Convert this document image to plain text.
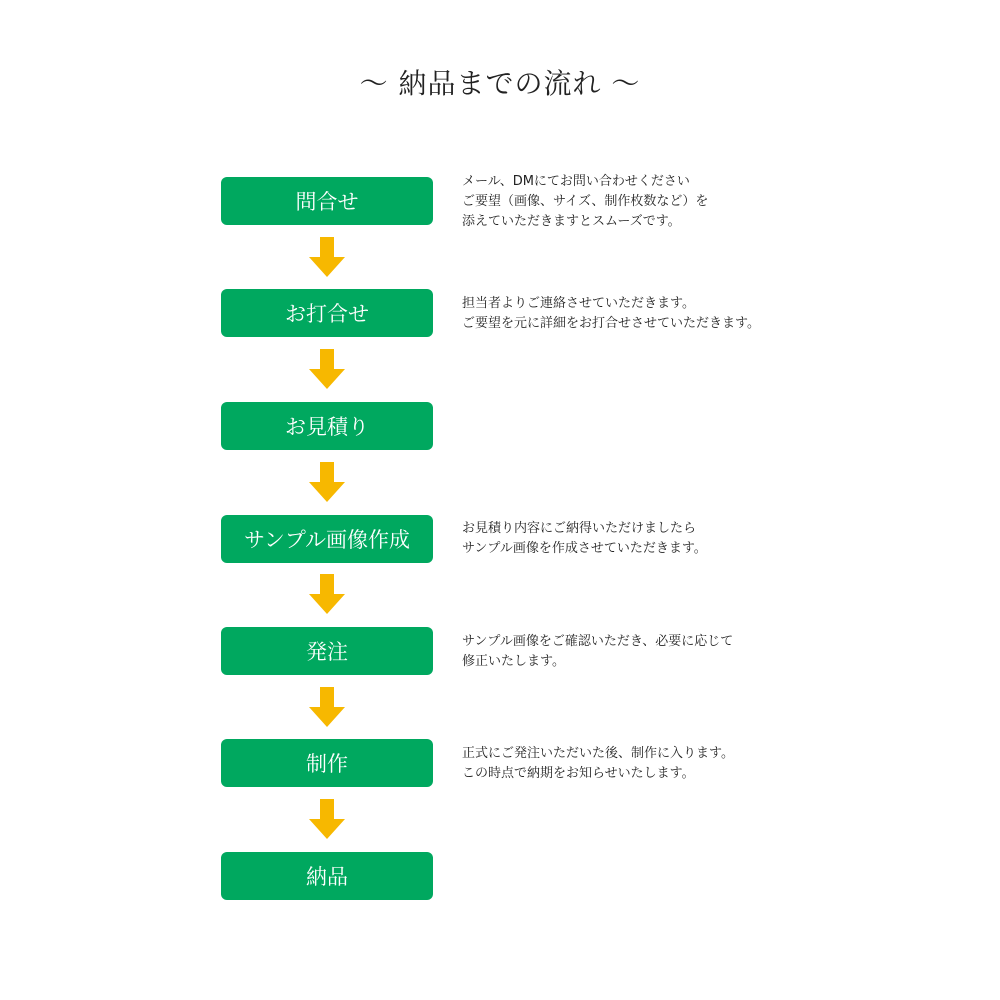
〜 納品までの流れ 〜
問合せ
メール、DMにてお問い合わせください
ご要望（画像、サイズ、制作枚数など）を
添えていただきますとスムーズです。
お打合せ	担当者よりご連絡させていただきます。
ご要望を元に詳細をお打合せさせていただきます。
お見積り
サンプル画像作成	お見積り内容にご納得いただけましたら
サンプル画像を作成させていただきます。
発注	サンプル画像をご確認いただき、必要に応じて
修正いたします。
制作	正式にご発注いただいた後、制作に入ります。
この時点で納期をお知らせいたします。
納品
